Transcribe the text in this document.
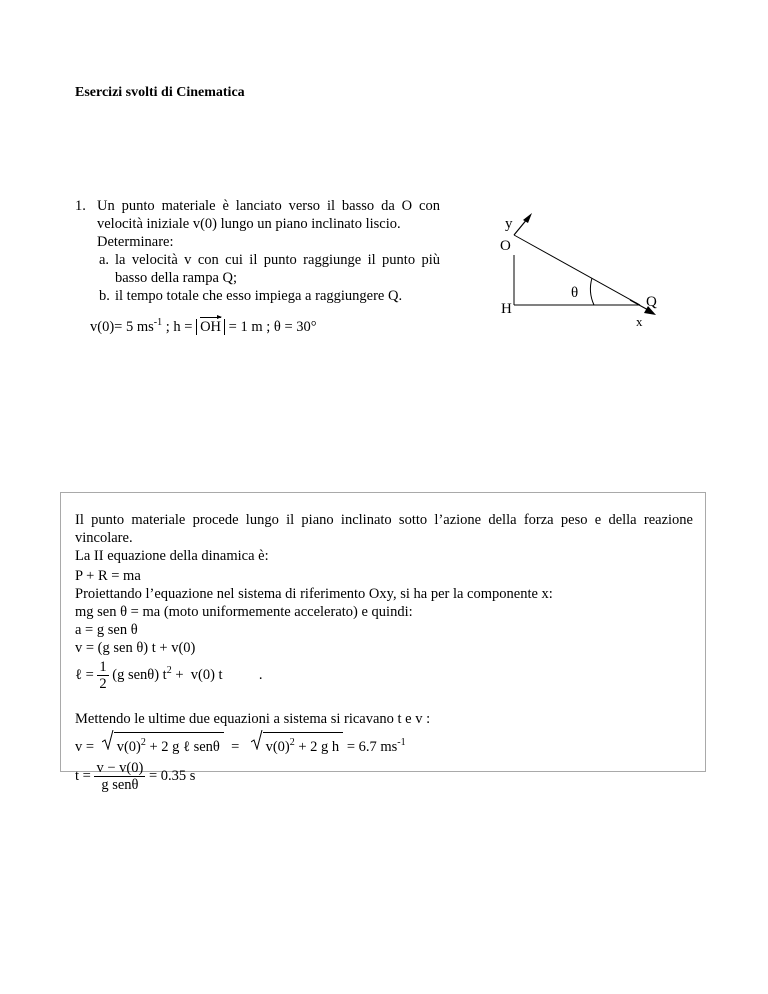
Esercizi svolti di Cinematica
1. Un punto materiale è lanciato verso il basso da O con velocità iniziale v(0) lungo un piano inclinato liscio.
Determinare:
a. la velocità v con cui il punto raggiunge il punto più basso della rampa Q;
b. il tempo totale che esso impiega a raggiungere Q.
v(0)= 5 $ms^{-1}$ ; h =
OH = 1 m ; θ = 30°
y
O
H	Q
x
θ
Il punto materiale procede lungo il piano inclinato sotto l’azione della forza peso e della reazione vincolare.
La II equazione della dinamica è:
P + R = ma
Proiettando l’equazione nel sistema di riferimento Oxy, si ha per la componente x:
mg sen θ = ma (moto uniformemente accelerato) e quindi:
a = g sen θ
v = (g sen θ) t + v(0)
ℓ = $\frac{1}{2} (g$ senθ) $t^2 + v(0)$ t          .
Mettendo le ultime due equazioni a sistema si ricavano t e v :
v =
$v(0)^2 + 2$ g ℓ senθ  =
$v(0)^2 + 2$ g h = 6.7 $ms^{-1}$
$t = \frac{v - v(0)}{\text{g senθ}} = 0.35$ s
